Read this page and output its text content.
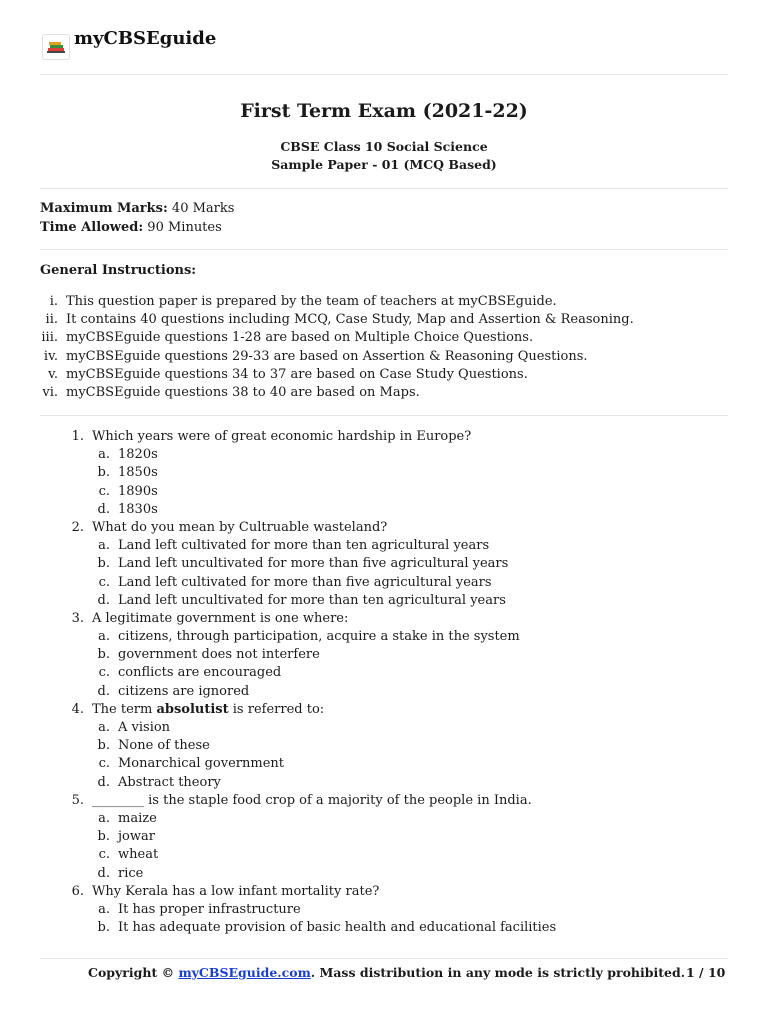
myCBSEguide
First Term Exam (2021-22)
CBSE Class 10 Social Science
Sample Paper - 01 (MCQ Based)
Maximum Marks: 40 Marks
Time Allowed: 90 Minutes
General Instructions:
i. This question paper is prepared by the team of teachers at myCBSEguide.
ii. It contains 40 questions including MCQ, Case Study, Map and Assertion & Reasoning.
iii. myCBSEguide questions 1-28 are based on Multiple Choice Questions.
iv. myCBSEguide questions 29-33 are based on Assertion & Reasoning Questions.
v. myCBSEguide questions 34 to 37 are based on Case Study Questions.
vi. myCBSEguide questions 38 to 40 are based on Maps.
1. Which years were of great economic hardship in Europe?
a. 1820s
b. 1850s
c. 1890s
d. 1830s
2. What do you mean by Cultruable wasteland?
a. Land left cultivated for more than ten agricultural years
b. Land left uncultivated for more than five agricultural years
c. Land left cultivated for more than five agricultural years
d. Land left uncultivated for more than ten agricultural years
3. A legitimate government is one where:
a. citizens, through participation, acquire a stake in the system
b. government does not interfere
c. conflicts are encouraged
d. citizens are ignored
4. The term absolutist is referred to:
a. A vision
b. None of these
c. Monarchical government
d. Abstract theory
5. ________ is the staple food crop of a majority of the people in India.
a. maize
b. jowar
c. wheat
d. rice
6. Why Kerala has a low infant mortality rate?
a. It has proper infrastructure
b. It has adequate provision of basic health and educational facilities
Copyright © myCBSEguide.com. Mass distribution in any mode is strictly prohibited. 1 / 10
